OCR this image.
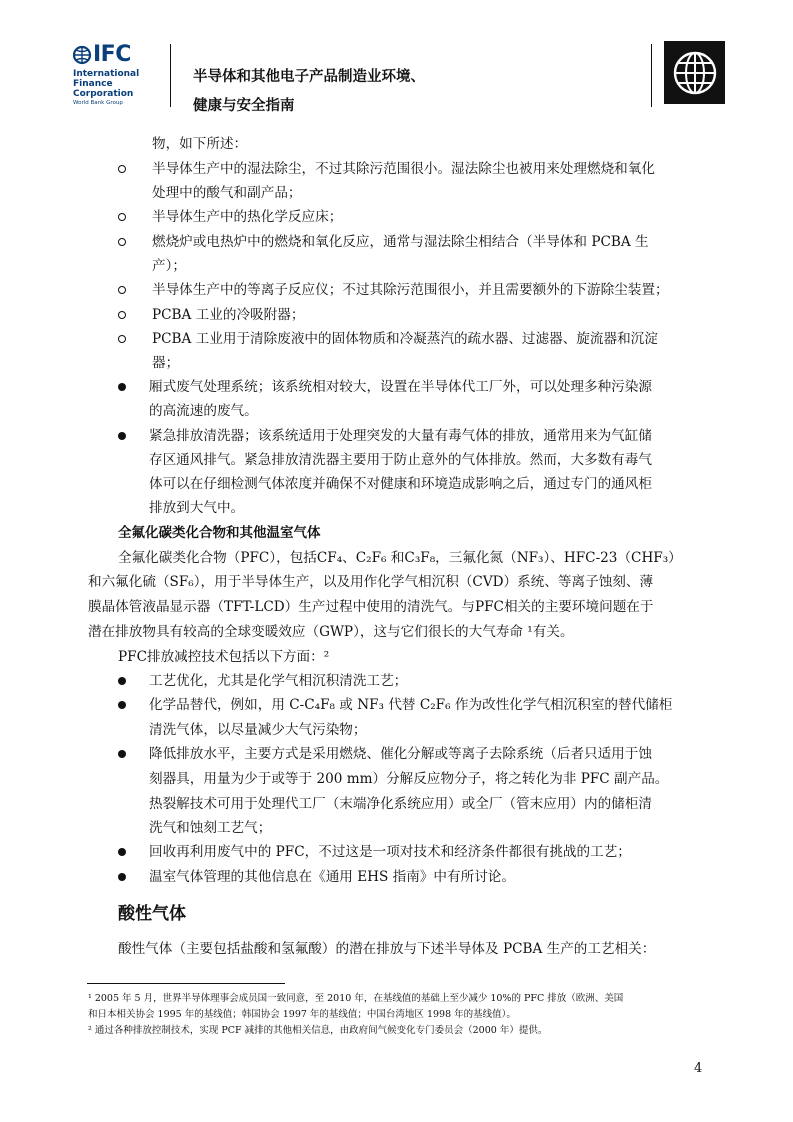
IFC
International
Finance
Corporation
World Bank Group
半导体和其他电子产品制造业环境、
健康与安全指南
物，如下所述：
半导体生产中的湿法除尘，不过其除污范围很小。湿法除尘也被用来处理燃烧和氧化
处理中的酸气和副产品；
半导体生产中的热化学反应床；
燃烧炉或电热炉中的燃烧和氧化反应，通常与湿法除尘相结合（半导体和 PCBA 生
产）；
半导体生产中的等离子反应仪；不过其除污范围很小，并且需要额外的下游除尘装置；
PCBA 工业的冷吸附器；
PCBA 工业用于清除废液中的固体物质和冷凝蒸汽的疏水器、过滤器、旋流器和沉淀
器；
厢式废气处理系统；该系统相对较大，设置在半导体代工厂外，可以处理多种污染源
的高流速的废气。
紧急排放清洗器；该系统适用于处理突发的大量有毒气体的排放，通常用来为气缸储
存区通风排气。紧急排放清洗器主要用于防止意外的气体排放。然而，大多数有毒气
体可以在仔细检测气体浓度并确保不对健康和环境造成影响之后，通过专门的通风柜
排放到大气中。
全氟化碳类化合物和其他温室气体
全氟化碳类化合物（PFC），包括CF₄、C₂F₆ 和C₃F₈，三氟化氮（NF₃）、HFC-23（CHF₃）
和六氟化硫（SF₆），用于半导体生产，以及用作化学气相沉积（CVD）系统、等离子蚀刻、薄
膜晶体管液晶显示器（TFT-LCD）生产过程中使用的清洗气。与PFC相关的主要环境问题在于
潜在排放物具有较高的全球变暖效应（GWP），这与它们很长的大气寿命 ¹有关。
PFC排放减控技术包括以下方面：²
工艺优化，尤其是化学气相沉积清洗工艺；
化学品替代，例如，用 C-C₄F₈ 或 NF₃ 代替 C₂F₆ 作为改性化学气相沉积室的替代储柜
清洗气体，以尽量减少大气污染物；
降低排放水平，主要方式是采用燃烧、催化分解或等离子去除系统（后者只适用于蚀
刻器具，用量为少于或等于 200 mm）分解反应物分子，将之转化为非 PFC 副产品。
热裂解技术可用于处理代工厂（末端净化系统应用）或全厂（管末应用）内的储柜清
洗气和蚀刻工艺气；
回收再利用废气中的 PFC，不过这是一项对技术和经济条件都很有挑战的工艺；
温室气体管理的其他信息在《通用 EHS 指南》中有所讨论。
酸性气体
酸性气体（主要包括盐酸和氢氟酸）的潜在排放与下述半导体及 PCBA 生产的工艺相关：
¹ 2005 年 5 月，世界半导体理事会成员国一致同意，至 2010 年，在基线值的基础上至少减少 10%的 PFC 排放（欧洲、美国
和日本相关协会 1995 年的基线值；韩国协会 1997 年的基线值；中国台湾地区 1998 年的基线值）。
² 通过各种排放控制技术，实现 PCF 减排的其他相关信息，由政府间气候变化专门委员会（2000 年）提供。
4
